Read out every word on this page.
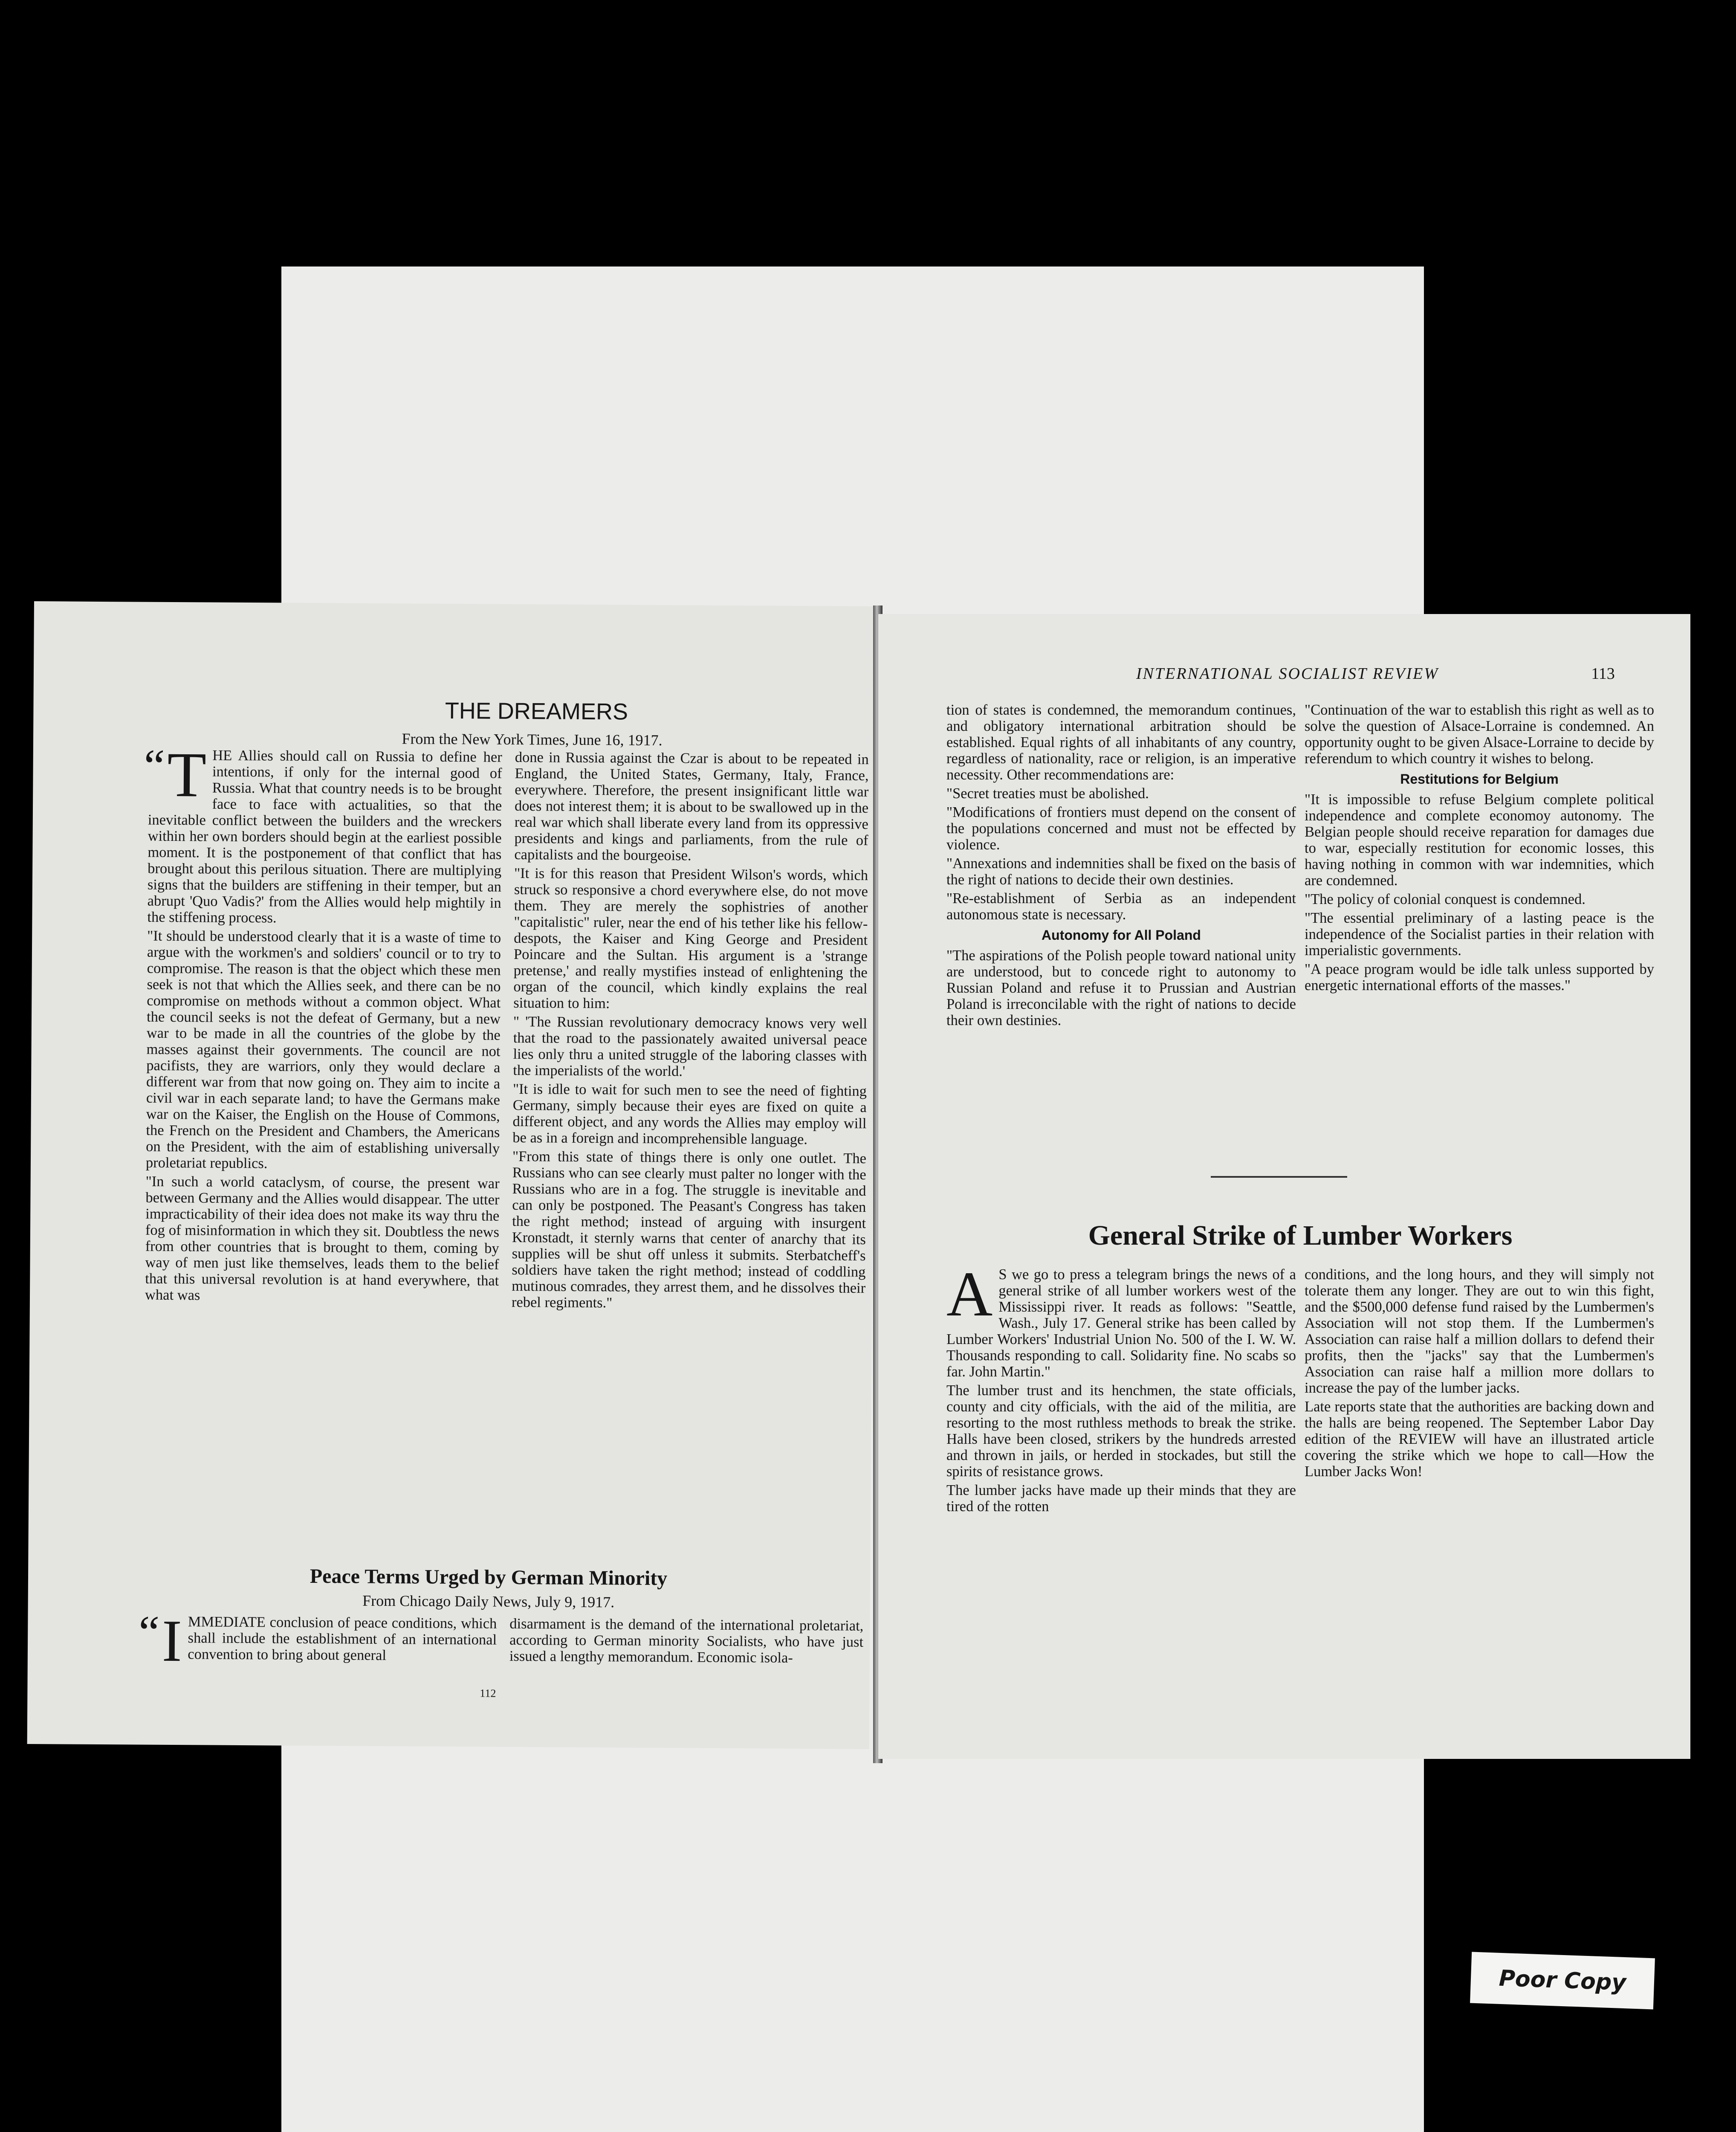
THE DREAMERS
From the New York Times, June 16, 1917.
“ T HE Allies should call on Russia to define her intentions, if only for the internal good of Russia. What that country needs is to be brought face to face with actualities, so that the inevitable conflict between the builders and the wreckers within her own borders should begin at the earliest possible moment. It is the postponement of that conflict that has brought about this perilous situation. There are multiplying signs that the builders are stiffening in their temper, but an abrupt 'Quo Vadis?' from the Allies would help mightily in the stiffening process.

"It should be understood clearly that it is a waste of time to argue with the workmen's and soldiers' council or to try to compromise. The reason is that the object which these men seek is not that which the Allies seek, and there can be no compromise on methods without a common object. What the council seeks is not the defeat of Germany, but a new war to be made in all the countries of the globe by the masses against their governments. The council are not pacifists, they are warriors, only they would declare a different war from that now going on. They aim to incite a civil war in each separate land; to have the Germans make war on the Kaiser, the English on the House of Commons, the French on the President and Chambers, the Americans on the President, with the aim of establishing universally proletariat republics.

"In such a world cataclysm, of course, the present war between Germany and the Allies would disappear. The utter impracticability of their idea does not make its way thru the fog of misinformation in which they sit. Doubtless the news from other countries that is brought to them, coming by way of men just like themselves, leads them to the belief that this universal revolution is at hand everywhere, that what was

done in Russia against the Czar is about to be repeated in England, the United States, Germany, Italy, France, everywhere. Therefore, the present insignificant little war does not interest them; it is about to be swallowed up in the real war which shall liberate every land from its oppressive presidents and kings and parliaments, from the rule of capitalists and the bourgeoise.

"It is for this reason that President Wilson's words, which struck so responsive a chord everywhere else, do not move them. They are merely the sophistries of another "capitalistic" ruler, near the end of his tether like his fellow-despots, the Kaiser and King George and President Poincare and the Sultan. His argument is a 'strange pretense,' and really mystifies instead of enlightening the organ of the council, which kindly explains the real situation to him:

" 'The Russian revolutionary democracy knows very well that the road to the passionately awaited universal peace lies only thru a united struggle of the laboring classes with the imperialists of the world.'

"It is idle to wait for such men to see the need of fighting Germany, simply because their eyes are fixed on quite a different object, and any words the Allies may employ will be as in a foreign and incomprehensible language.

"From this state of things there is only one outlet. The Russians who can see clearly must palter no longer with the Russians who are in a fog. The struggle is inevitable and can only be postponed. The Peasant's Congress has taken the right method; instead of arguing with insurgent Kronstadt, it sternly warns that center of anarchy that its supplies will be shut off unless it submits. Sterbatcheff's soldiers have taken the right method; instead of coddling mutinous comrades, they arrest them, and he dissolves their rebel regiments."

Peace Terms Urged by German Minority
From Chicago Daily News, July 9, 1917.
“ I MMEDIATE conclusion of peace conditions, which shall include the establishment of an international convention to bring about general

disarmament is the demand of the international proletariat, according to German minority Socialists, who have just issued a lengthy memorandum. Economic isola-

112
INTERNATIONAL SOCIALIST REVIEW	113

tion of states is condemned, the memorandum continues, and obligatory international arbitration should be established. Equal rights of all inhabitants of any country, regardless of nationality, race or religion, is an imperative necessity. Other recommendations are:

"Secret treaties must be abolished.

"Modifications of frontiers must depend on the consent of the populations concerned and must not be effected by violence.

"Annexations and indemnities shall be fixed on the basis of the right of nations to decide their own destinies.

"Re-establishment of Serbia as an independent autonomous state is necessary.

Autonomy for All Poland

"The aspirations of the Polish people toward national unity are understood, but to concede right to autonomy to Russian Poland and refuse it to Prussian and Austrian Poland is irreconcilable with the right of nations to decide their own destinies.

"Continuation of the war to establish this right as well as to solve the question of Alsace-Lorraine is condemned. An opportunity ought to be given Alsace-Lorraine to decide by referendum to which country it wishes to belong.

Restitutions for Belgium

"It is impossible to refuse Belgium complete political independence and complete economoy autonomy. The Belgian people should receive reparation for damages due to war, especially restitution for economic losses, this having nothing in common with war indemnities, which are condemned.

"The policy of colonial conquest is condemned.

"The essential preliminary of a lasting peace is the independence of the Socialist parties in their relation with imperialistic governments.

"A peace program would be idle talk unless supported by energetic international efforts of the masses."

General Strike of Lumber Workers
A S we go to press a telegram brings the news of a general strike of all lumber workers west of the Mississippi river. It reads as follows: "Seattle, Wash., July 17. General strike has been called by Lumber Workers' Industrial Union No. 500 of the I. W. W. Thousands responding to call. Solidarity fine. No scabs so far. John Martin."

The lumber trust and its henchmen, the state officials, county and city officials, with the aid of the militia, are resorting to the most ruthless methods to break the strike. Halls have been closed, strikers by the hundreds arrested and thrown in jails, or herded in stockades, but still the spirits of resistance grows.

The lumber jacks have made up their minds that they are tired of the rotten

conditions, and the long hours, and they will simply not tolerate them any longer. They are out to win this fight, and the $500,000 defense fund raised by the Lumbermen's Association will not stop them. If the Lumbermen's Association can raise half a million dollars to defend their profits, then the "jacks" say that the Lumbermen's Association can raise half a million more dollars to increase the pay of the lumber jacks.

Late reports state that the authorities are backing down and the halls are being reopened. The September Labor Day edition of the REVIEW will have an illustrated article covering the strike which we hope to call—How the Lumber Jacks Won!

Poor Copy
